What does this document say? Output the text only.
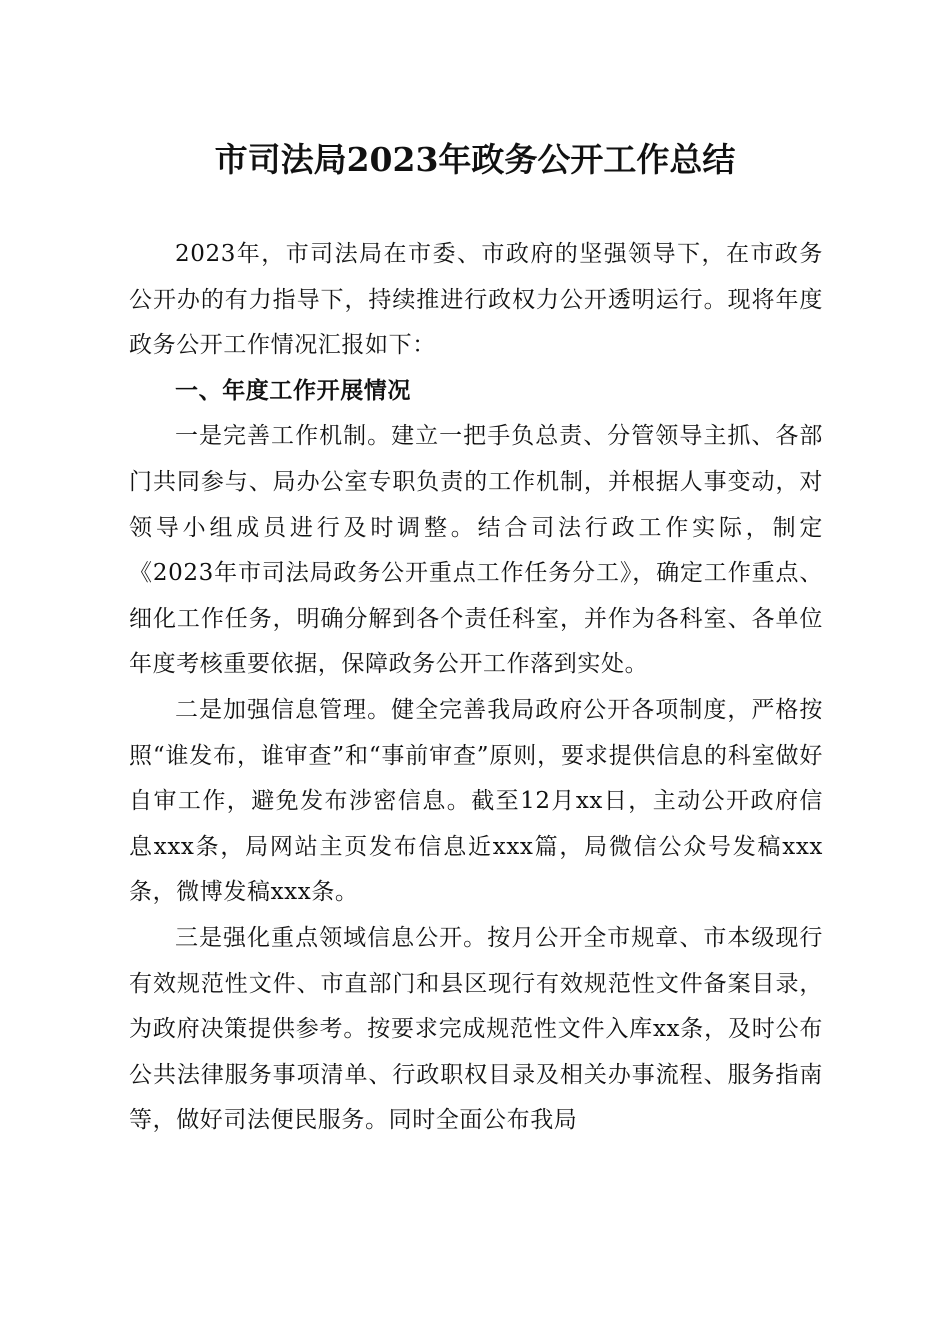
市司法局2023年政务公开工作总结

2023年，市司法局在市委、市政府的坚强领导下，在市政务公开办的有力指导下，持续推进行政权力公开透明运行。现将年度政务公开工作情况汇报如下：

一、年度工作开展情况

一是完善工作机制。建立一把手负总责、分管领导主抓、各部门共同参与、局办公室专职负责的工作机制，并根据人事变动，对领导小组成员进行及时调整。结合司法行政工作实际，制定《2023年市司法局政务公开重点工作任务分工》，确定工作重点、细化工作任务，明确分解到各个责任科室，并作为各科室、各单位年度考核重要依据，保障政务公开工作落到实处。

二是加强信息管理。健全完善我局政府公开各项制度，严格按照“谁发布，谁审查”和“事前审查”原则，要求提供信息的科室做好自审工作，避免发布涉密信息。截至12月xx日，主动公开政府信息xxx条，局网站主页发布信息近xxx篇，局微信公众号发稿xxx条，微博发稿xxx条。

三是强化重点领域信息公开。按月公开全市规章、市本级现行有效规范性文件、市直部门和县区现行有效规范性文件备案目录，为政府决策提供参考。按要求完成规范性文件入库xx条，及时公布公共法律服务事项清单、行政职权目录及相关办事流程、服务指南等，做好司法便民服务。同时全面公布我局
